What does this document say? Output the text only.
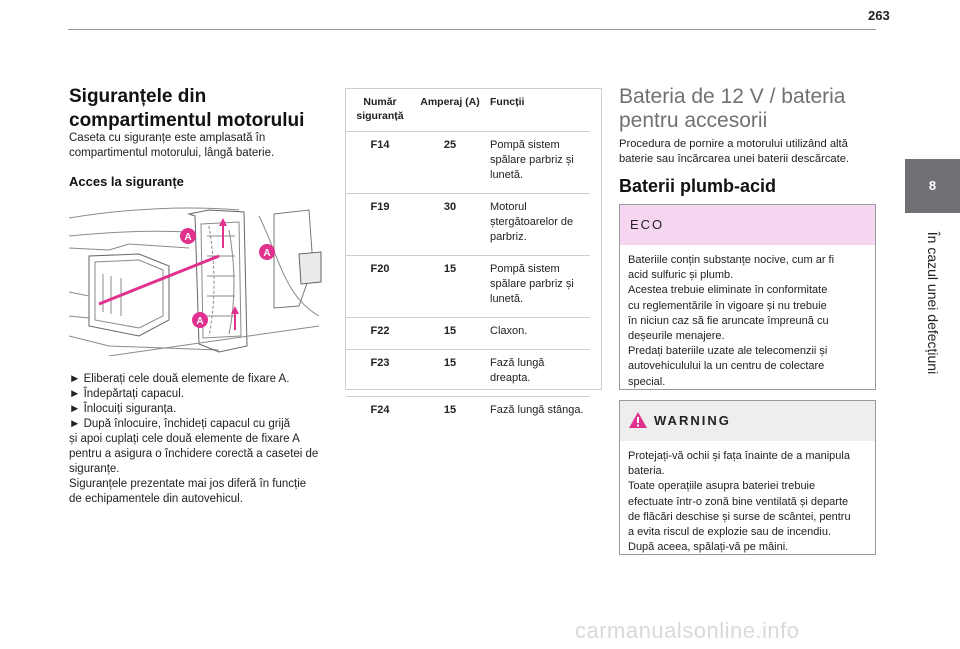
263
8
În cazul unei defecțiuni
Siguranțele din
compartimentul motorului
Caseta cu siguranțe este amplasată în
compartimentul motorului, lângă baterie.
Acces la siguranțe
A
A
A
► Eliberați cele două elemente de fixare A.
► Îndepărtați capacul.
► Înlocuiți siguranța.
► După înlocuire, închideți capacul cu grijă
și apoi cuplați cele două elemente de fixare A
pentru a asigura o închidere corectă a casetei de
siguranțe.
Siguranțele prezentate mai jos diferă în funcție
de echipamentele din autovehicul.
Număr siguranță	Amperaj (A)	Funcții
F14	25	Pompă sistem spălare parbriz și lunetă.
F19	30	Motorul ștergătoarelor de parbriz.
F20	15	Pompă sistem spălare parbriz și lunetă.
F22	15	Claxon.
F23	15	Fază lungă dreapta.
F24	15	Fază lungă stânga.
Bateria de 12 V / bateria
pentru accesorii
Procedura de pornire a motorului utilizând altă
baterie sau încărcarea unei baterii descărcate.
Baterii plumb-acid
ECO
Bateriile conțin substanțe nocive, cum ar fi
acid sulfuric și plumb.
Acestea trebuie eliminate în conformitate
cu reglementările în vigoare și nu trebuie
în niciun caz să fie aruncate împreună cu
deșeurile menajere.
Predați bateriile uzate ale telecomenzii și
autovehiculului la un centru de colectare
special.
WARNING
Protejați-vă ochii și fața înainte de a manipula
bateria.
Toate operațiile asupra bateriei trebuie
efectuate într-o zonă bine ventilată și departe
de flăcări deschise și surse de scântei, pentru
a evita riscul de explozie sau de incendiu.
După aceea, spălați-vă pe mâini.
carmanualsonline.info
